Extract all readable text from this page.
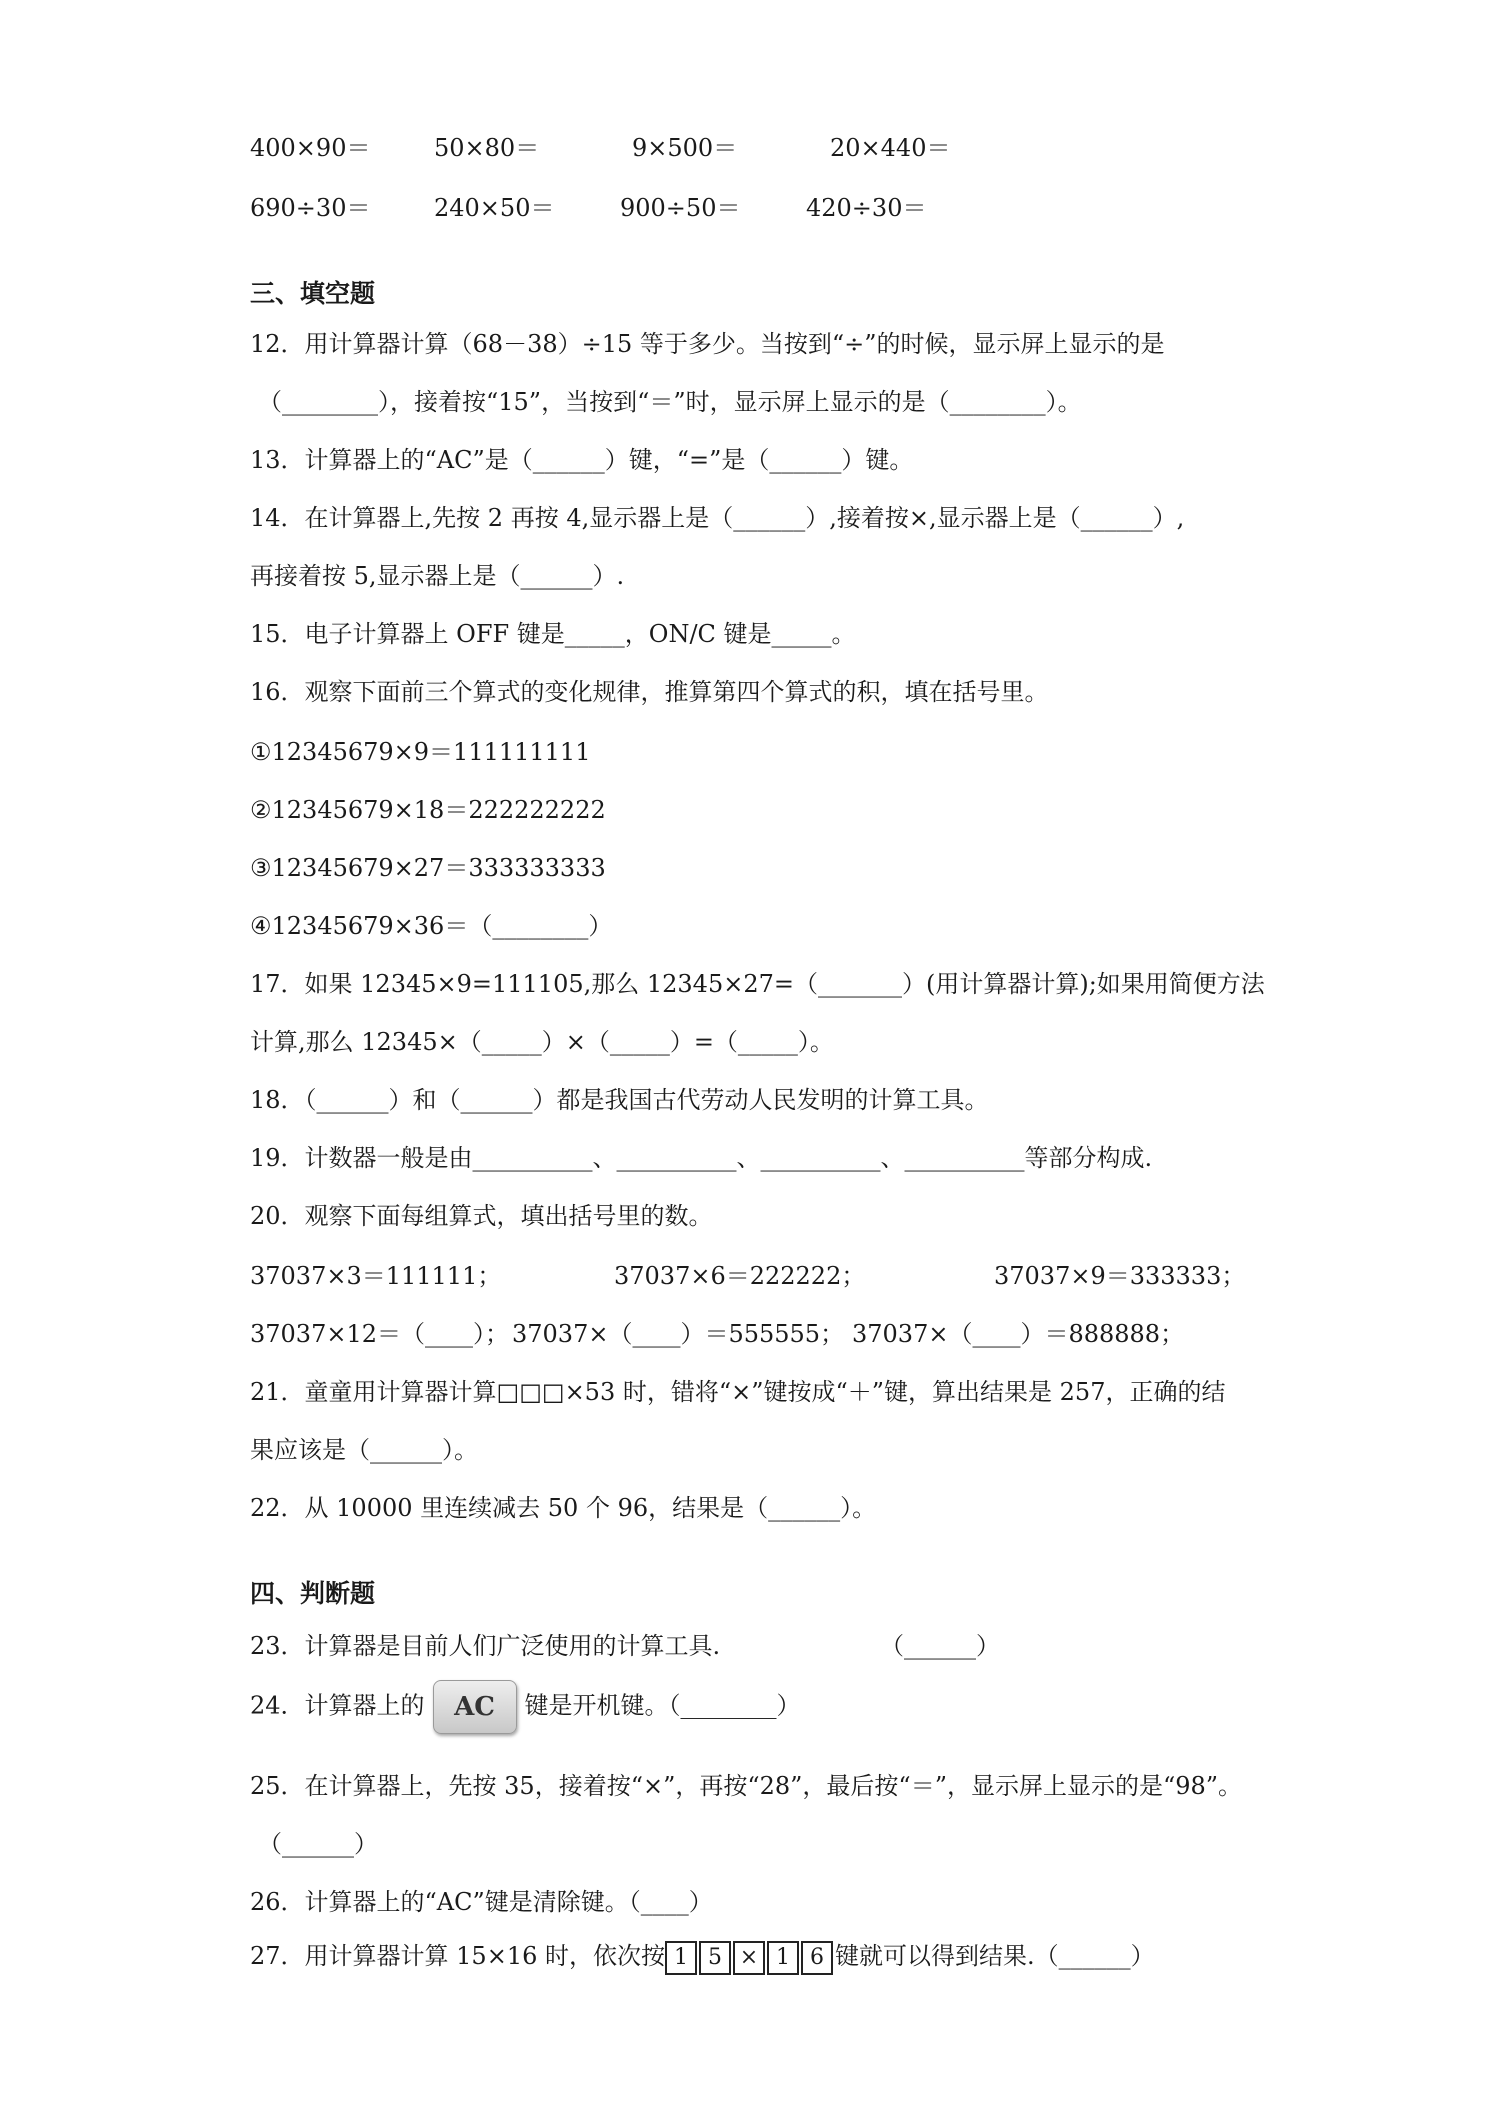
400×90＝	50×80＝	9×500＝	20×440＝
690÷30＝	240×50＝	900÷50＝	420÷30＝
三、填空题
12．用计算器计算（68－38）÷15 等于多少。当按到“÷”的时候，显示屏上显示的是
（________），接着按“15”，当按到“＝”时，显示屏上显示的是（________）。
13．计算器上的“AC”是（______）键，“=”是（______）键。
14．在计算器上,先按 2 再按 4,显示器上是（______）,接着按×,显示器上是（______）,
再接着按 5,显示器上是（______）.
15．电子计算器上 OFF 键是_____，ON/C 键是_____。
16．观察下面前三个算式的变化规律，推算第四个算式的积，填在括号里。
①12345679×9＝111111111
②12345679×18＝222222222
③12345679×27＝333333333
④12345679×36＝（________）
17．如果 12345×9=111105,那么 12345×27=（_______）(用计算器计算);如果用简便方法
计算,那么 12345×（_____）×（_____）=（_____）。
18．（______）和（______）都是我国古代劳动人民发明的计算工具。
19．计数器一般是由__________、__________、__________、__________等部分构成.
20．观察下面每组算式，填出括号里的数。
37037×3＝111111；	37037×6＝222222；	37037×9＝333333；
37037×12＝（____）； 37037×（____）＝555555； 37037×（____）＝888888；
21．童童用计算器计算□□□×53 时，错将“×”键按成“＋”键，算出结果是 257，正确的结
果应该是（______）。
22．从 10000 里连续减去 50 个 96，结果是（______）。
四、判断题
23．计算器是目前人们广泛使用的计算工具.	（______）
24．计算器上的 AC 键是开机键。（________）
25．在计算器上，先按 35，接着按“×”，再按“28”，最后按“＝”，显示屏上显示的是“98”。
（______）
26．计算器上的“AC”键是清除键。（____）
27．用计算器计算 15×16 时，依次按 1 5 × 1 6 键就可以得到结果.（______）
